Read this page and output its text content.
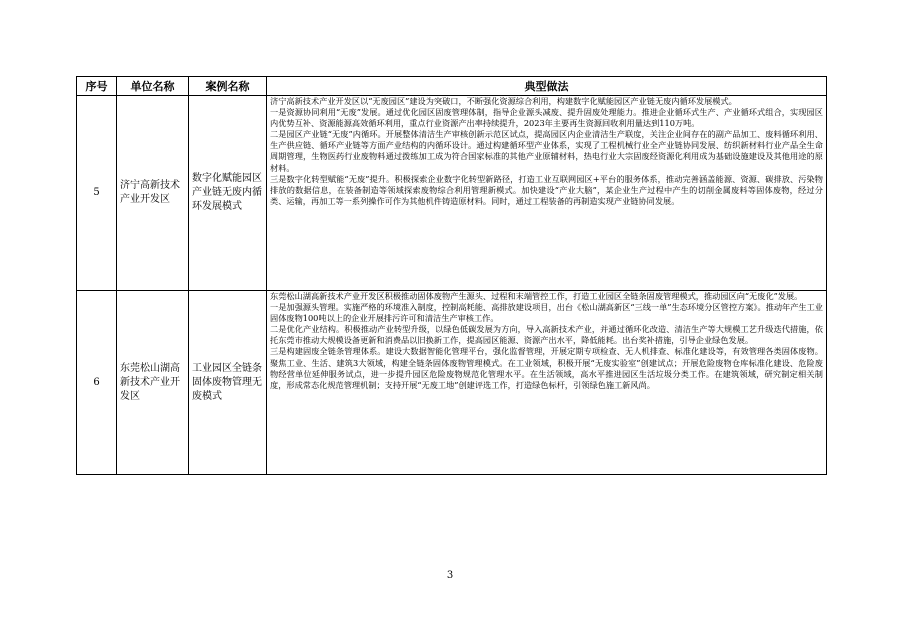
序号	单位名称	案例名称	典型做法
5	济宁高新技术产业开发区	数字化赋能园区产业链无废内循环发展模式	济宁高新技术产业开发区以“无废园区”建设为突破口，不断强化资源综合利用，构建数字化赋能园区产业链无废内循环发展模式。

一是资源协同利用“无废”发展。通过优化园区固废管理体制，指导企业源头减废、提升固废处理能力。推进企业循环式生产、产业循环式组合，实现园区内优势互补、资源能源高效循环利用，重点行业资源产出率持续提升，2023年主要再生资源回收利用量达到110万吨。

二是园区产业链“无废”内循环。开展整体清洁生产审核创新示范区试点，提高园区内企业清洁生产联度，关注企业间存在的副产品加工、废料循环利用、生产供应链、循环产业链等方面产业结构的内循环设计。通过构建循环型产业体系，实现了工程机械行业全产业链协同发展、纺织新材料行业产品全生命周期管理，生物医药行业废物料通过拨练加工成为符合国家标准的其他产业原辅材料，热电行业大宗固废经资源化利用成为基础设施建设及其他用途的原材料。

三是数字化转型赋能“无废”提升。积极探索企业数字化转型新路径，打造工业互联网园区+平台的服务体系，推动完善涵盖能源、资源、碳排放、污染物排放的数据信息，在装备制造等领域探索废物综合利用管理新模式。加快建设“产业大脑”，某企业生产过程中产生的切削金属废料等固体废物，经过分类、运输，再加工等一系列操作可作为其他机件铸造原材料。同时，通过工程装备的再制造实现产业链协同发展。

6	东莞松山湖高新技术产业开发区	工业园区全链条固体废物管理无废模式	东莞松山湖高新技术产业开发区积极推动固体废物产生源头、过程和末端管控工作，打造工业园区全链条固废管理模式，推动园区向“无废化”发展。

一是加强源头管理。实施严格的环境准入制度，控制高耗能、高排放建设项目，出台《松山湖高新区“三线一单”生态环境分区管控方案》。推动年产生工业固体废物100吨以上的企业开展排污许可和清洁生产审核工作。

二是优化产业结构。积极推动产业转型升级，以绿色低碳发展为方向，导入高新技术产业，并通过循环化改造、清洁生产等大规模工艺升级迭代措施，依托东莞市推动大规模设备更新和消费品以旧换新工作，提高园区能源、资源产出水平，降低能耗。出台奖补措施，引导企业绿色发展。

三是构建固废全链条管理体系。建设大数据智能化管理平台，强化监督管理，开展定期专项检查、无人机排查、标准化建设等，有效管理各类固体废物。聚焦工业、生活、建筑3大领域，构建全链条固体废物管理模式。在工业领域，积极开展“无废实验室”创建试点；开展危险废物仓库标准化建设、危险废物经营单位延伸服务试点，进一步提升园区危险废物规范化管理水平。在生活领域，高水平推进园区生活垃圾分类工作。在建筑领域，研究制定相关制度，形成常态化规范管理机制；支持开展“无废工地”创建评选工作，打造绿色标杆，引领绿色施工新风尚。

3
